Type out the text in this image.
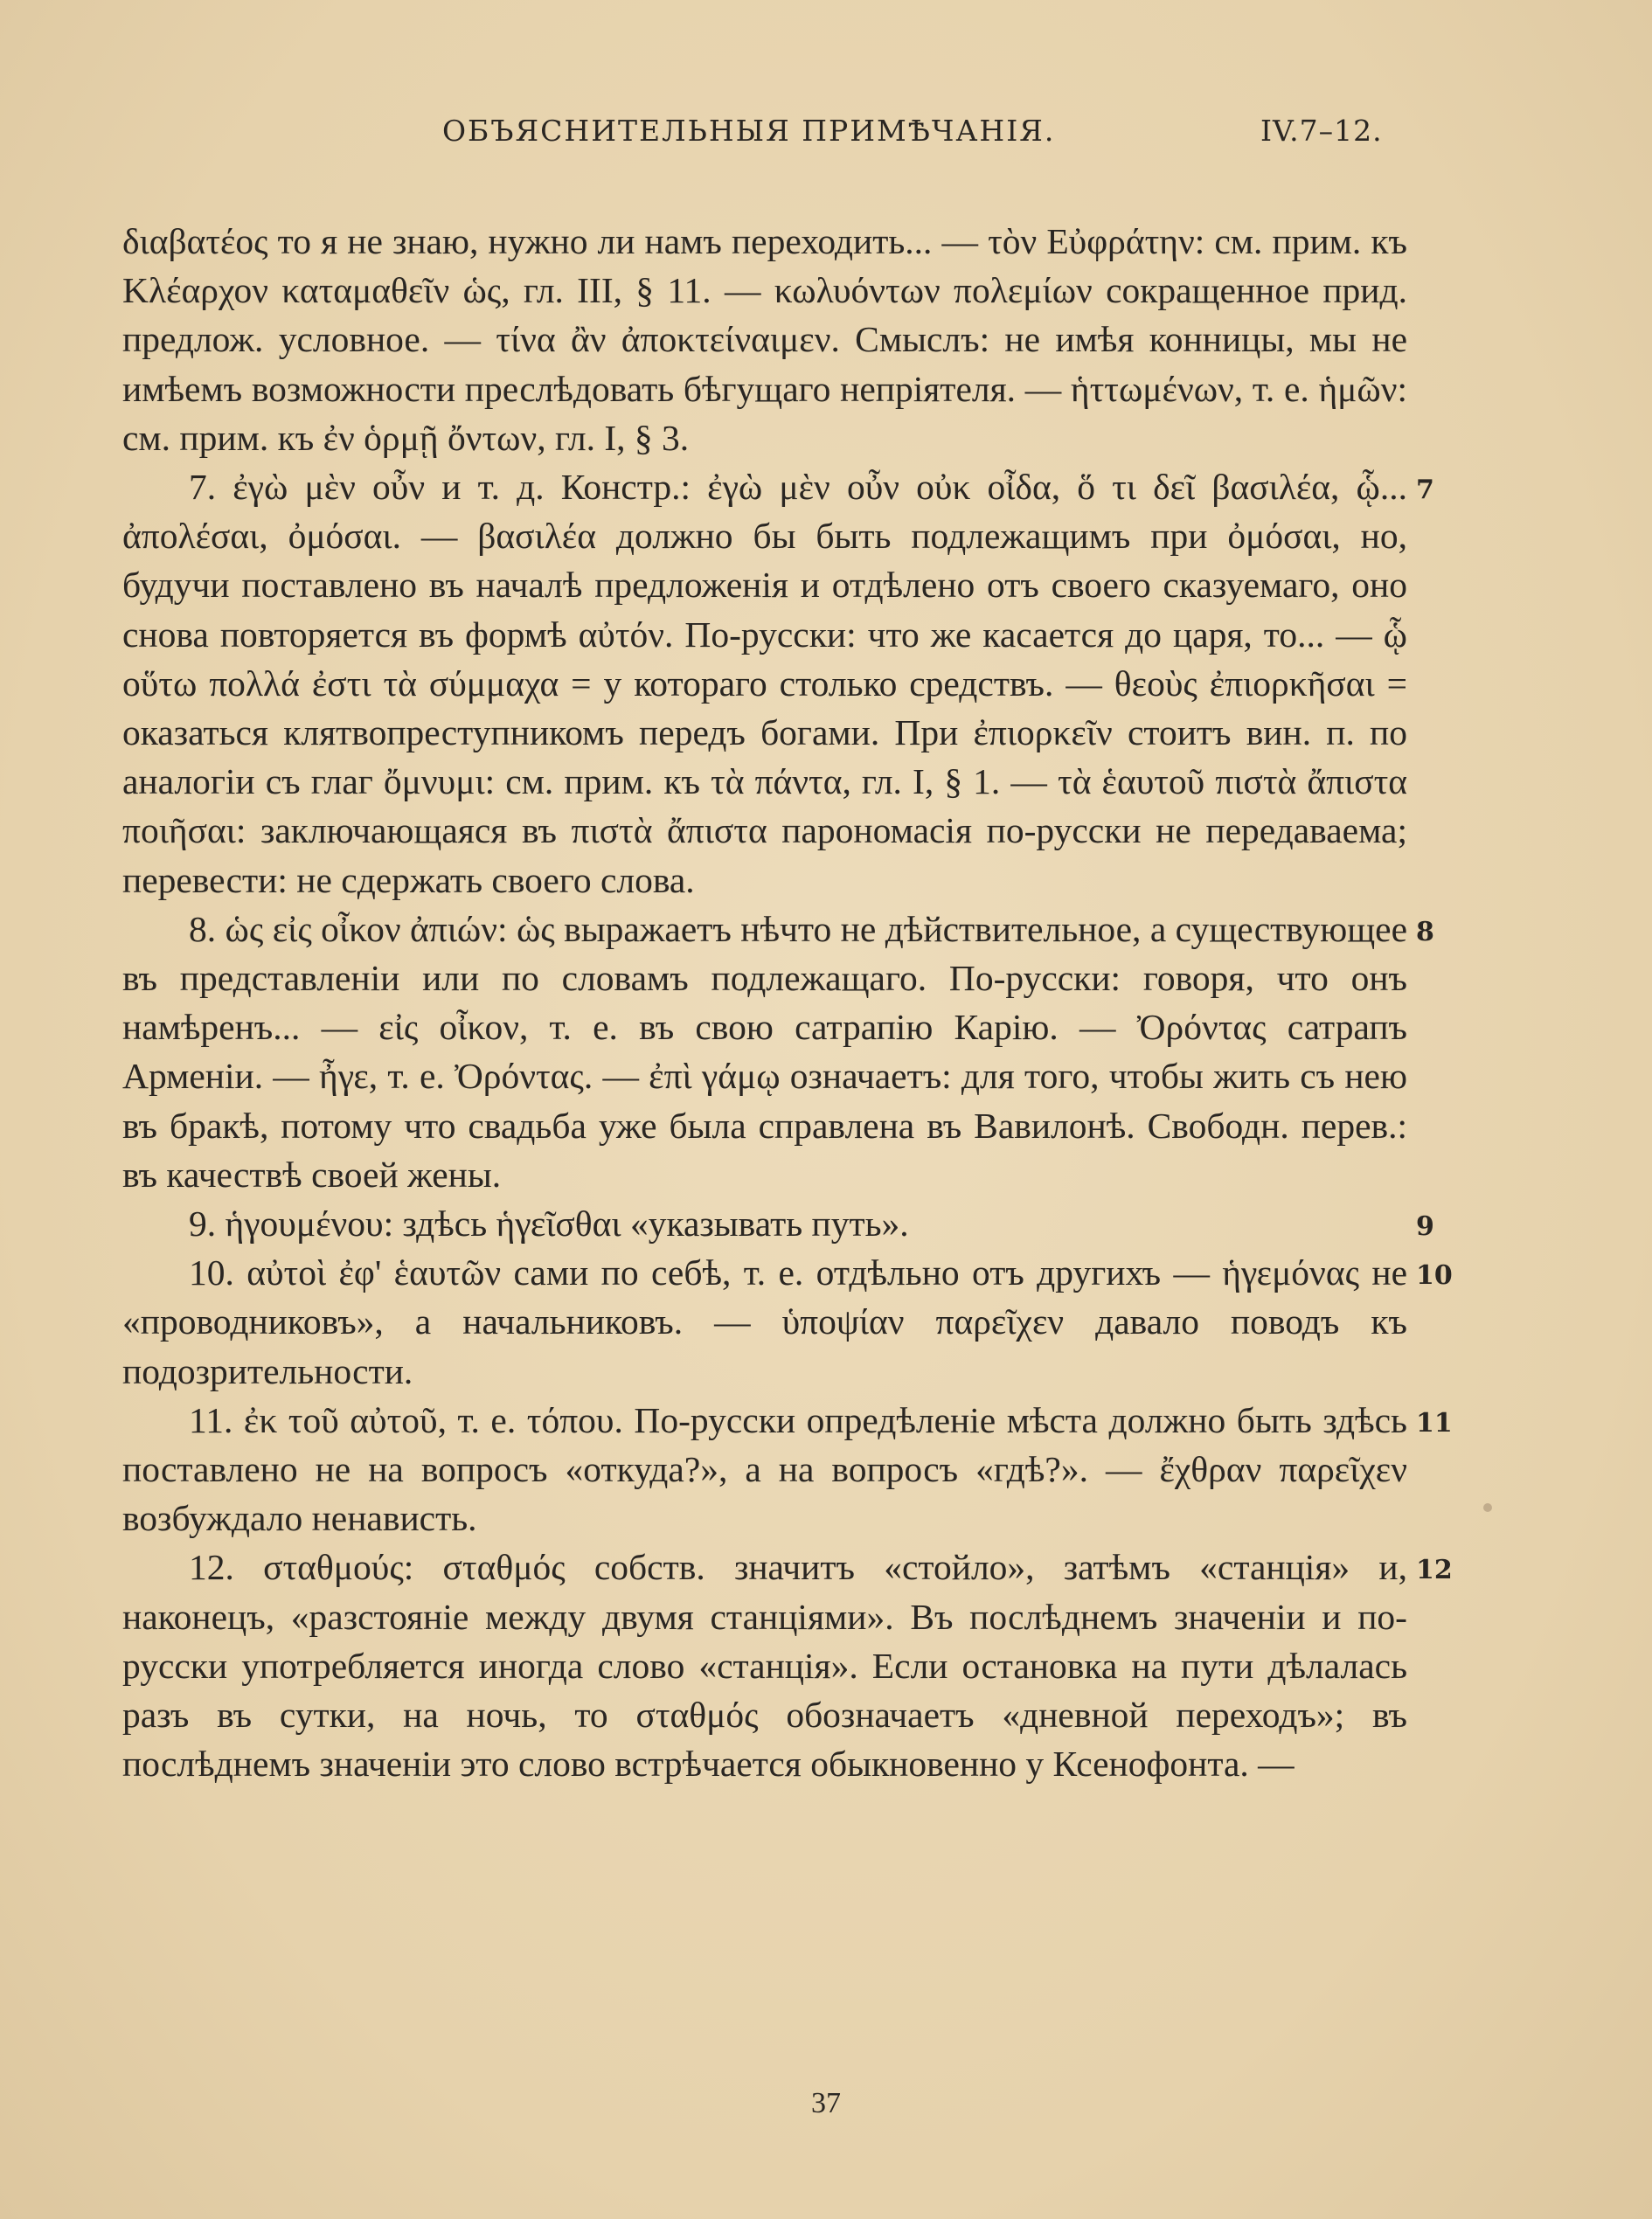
ОБЪЯСНИТЕЛЬНЫЯ ПРИМѢЧАНІЯ.	IV.7–12.

διαβατέος то я не знаю, нужно ли намъ переходить... — τὸν Εὐφράτην: см. прим. къ Κλέαρχον καταμαθεῖν ὡς, гл. III, § 11. — κωλυόντων πολεμίων сокращенное прид. предлож. условное. — τίνα ἂν ἀποκτείναιμεν. Смыслъ: не имѣя конницы, мы не имѣемъ возможности преслѣдовать бѣгущаго непріятеля. — ἡττωμένων, т. е. ἡμῶν: см. прим. къ ἐν ὁρμῇ ὄντων, гл. I, § 3.

7
7. ἐγὼ μὲν οὖν и т. д. Констр.: ἐγὼ μὲν οὖν οὐκ οἶδα, ὅ τι δεῖ βασιλέα, ᾧ... ἀπολέσαι, ὀμόσαι. — βασιλέα должно бы быть подлежащимъ при ὀμόσαι, но, будучи поставлено въ началѣ предложенія и отдѣлено отъ своего сказуемаго, оно снова повторяется въ формѣ αὐτόν. По-русски: что же касается до царя, то... — ᾧ οὕτω πολλά ἐστι τὰ σύμμαχα = у котораго столько средствъ. — θεοὺς ἐπιορκῆσαι = оказаться клятвопреступникомъ передъ богами. При ἐπιορκεῖν стоитъ вин. п. по аналогіи съ глаг ὄμνυμι: см. прим. къ τὰ πάντα, гл. I, § 1. — τὰ ἑαυτοῦ πιστὰ ἄπιστα ποιῆσαι: заключающаяся въ πιστὰ ἄπιστα парономасія по-русски не передаваема; перевести: не сдержать своего слова.

8
8. ὡς εἰς οἶκον ἀπιών: ὡς выражаетъ нѣчто не дѣйствительное, а существующее въ представленіи или по словамъ подлежащаго. По-русски: говоря, что онъ намѣренъ... — εἰς οἶκον, т. е. въ свою сатрапію Карію. — Ὀρόντας сатрапъ Арменіи. — ἦγε, т. е. Ὀρόντας. — ἐπὶ γάμῳ означаетъ: для того, чтобы жить съ нею въ бракѣ, потому что свадьба уже была справлена въ Вавилонѣ. Свободн. перев.: въ качествѣ своей жены.

9
9. ἡγουμένου: здѣсь ἡγεῖσθαι «указывать путь».

10
10. αὐτοὶ ἐφ' ἑαυτῶν сами по себѣ, т. е. отдѣльно отъ другихъ — ἡγεμόνας не «проводниковъ», а начальниковъ. — ὑποψίαν παρεῖχεν давало поводъ къ подозрительности.

11
11. ἐκ τοῦ αὐτοῦ, т. е. τόπου. По-русски опредѣленіе мѣста должно быть здѣсь поставлено не на вопросъ «откуда?», а на вопросъ «гдѣ?». — ἔχθραν παρεῖχεν возбуждало ненависть.

12
12. σταθμούς: σταθμός собств. значитъ «стойло», затѣмъ «станція» и, наконецъ, «разстояніе между двумя станціями». Въ послѣднемъ значеніи и по-русски употребляется иногда слово «станція». Если остановка на пути дѣлалась разъ въ сутки, на ночь, то σταθμός обозначаетъ «дневной переходъ»; въ послѣднемъ значеніи это слово встрѣчается обыкновенно у Ксенофонта. —

37
